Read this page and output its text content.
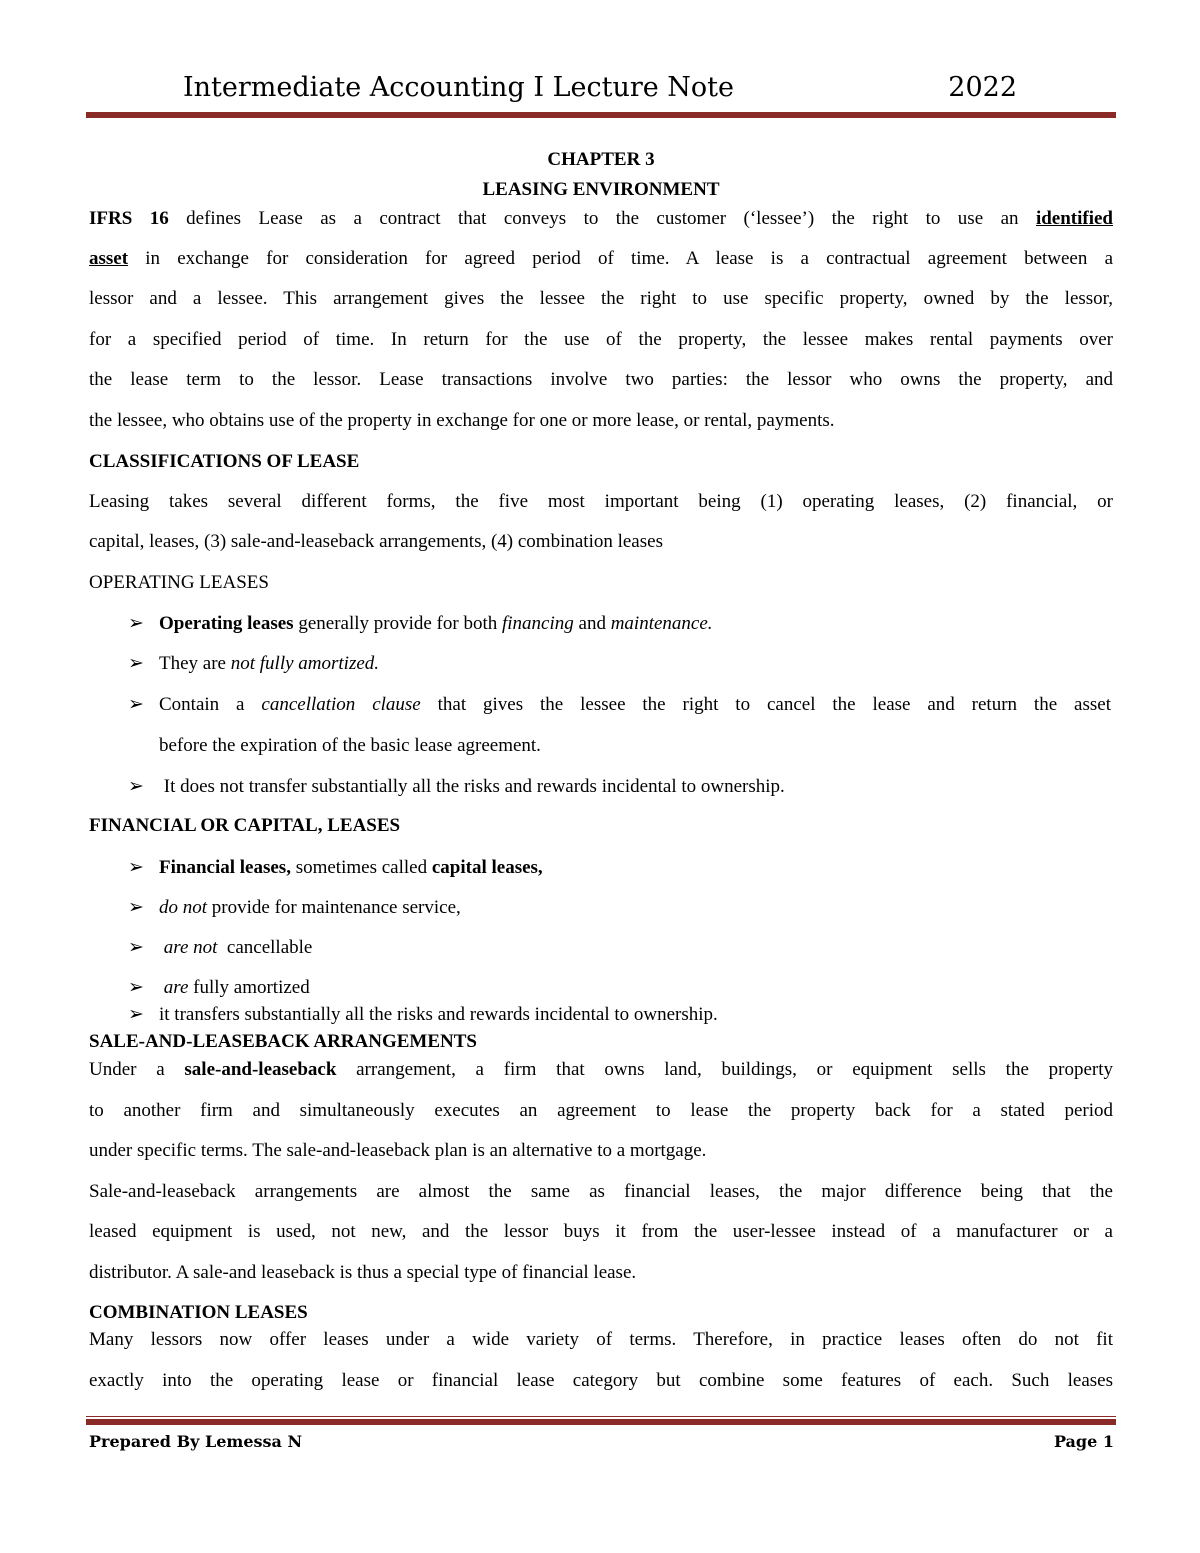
Intermediate Accounting I Lecture Note	2022
CHAPTER 3
LEASING ENVIRONMENT
IFRS 16 defines Lease as a contract that conveys to the customer (‘lessee’) the right to use an identified
asset in exchange for consideration for agreed period of time. A lease is a contractual agreement between a
lessor and a lessee. This arrangement gives the lessee the right to use specific property, owned by the lessor,
for a specified period of time. In return for the use of the property, the lessee makes rental payments over
the lease term to the lessor. Lease transactions involve two parties: the lessor who owns the property, and
the lessee, who obtains use of the property in exchange for one or more lease, or rental, payments.
CLASSIFICATIONS OF LEASE
Leasing takes several different forms, the five most important being (1) operating leases, (2) financial, or
capital, leases, (3) sale-and-leaseback arrangements, (4) combination leases
OPERATING LEASES
➢ Operating leases generally provide for both financing and maintenance.
➢ They are not fully amortized.
➢ Contain a cancellation clause that gives the lessee the right to cancel the lease and return the asset
before the expiration of the basic lease agreement.
➢ It does not transfer substantially all the risks and rewards incidental to ownership.
FINANCIAL OR CAPITAL, LEASES
➢ Financial leases, sometimes called capital leases,
➢ do not provide for maintenance service,
➢ are not  cancellable
➢ are fully amortized
➢ it transfers substantially all the risks and rewards incidental to ownership.
SALE-AND-LEASEBACK ARRANGEMENTS
Under a sale-and-leaseback arrangement, a firm that owns land, buildings, or equipment sells the property
to another firm and simultaneously executes an agreement to lease the property back for a stated period
under specific terms. The sale-and-leaseback plan is an alternative to a mortgage.
Sale-and-leaseback arrangements are almost the same as financial leases, the major difference being that the
leased equipment is used, not new, and the lessor buys it from the user-lessee instead of a manufacturer or a
distributor. A sale-and leaseback is thus a special type of financial lease.
COMBINATION LEASES
Many lessors now offer leases under a wide variety of terms. Therefore, in practice leases often do not fit
exactly into the operating lease or financial lease category but combine some features of each. Such leases
Prepared By Lemessa N	Page 1
